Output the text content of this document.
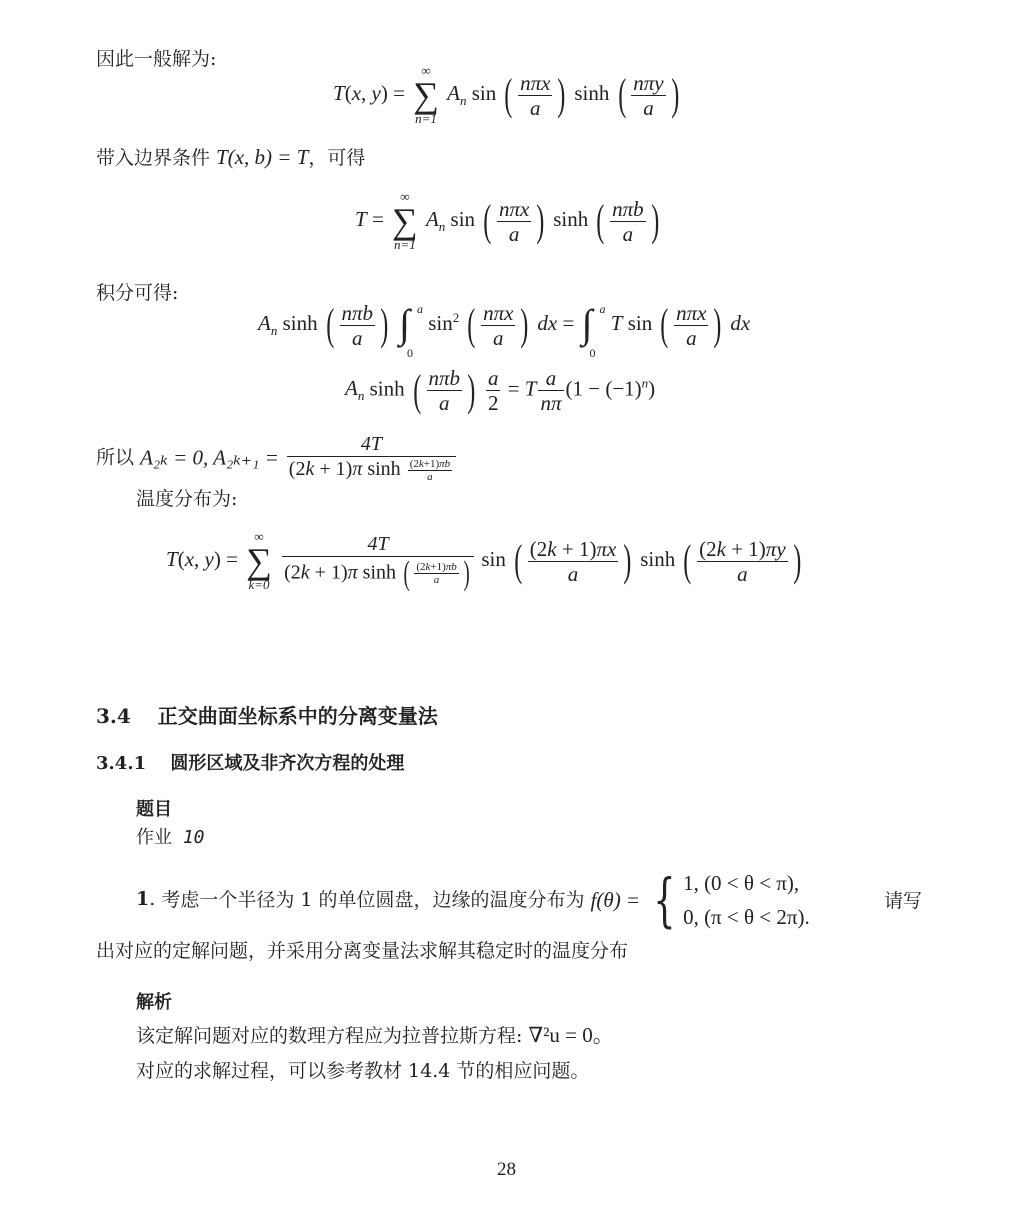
因此一般解为:
T(x, y) =
∞
∑
n=1
$A_n$ sin ( $\frac{\text{nπx}}{a}$ ) sinh ( $\frac{\text{nπy}}{a}$ )
带入边界条件 T(x, b) = T，可得
T =
∞
∑
n=1
$A_n$ sin ( $\frac{\text{nπx}}{a}$ ) sinh ( $\frac{\text{nπb}}{a}$ )
积分可得:
$A_n$ sinh ( $\frac{\text{nπb}}{a}$ ) ∫ a
0
$\sin^2$ ( $\frac{\text{nπx}}{a}$ ) dx = ∫ a
0
T sin ( $\frac{\text{nπx}}{a}$ ) dx
$A_n$ sinh ( $\frac{\text{nπb}}{a}$ ) $\frac{a}{2} = T \frac{a}{n\pi} (1 - (-1)^n)$
所以 A₂ₖ = 0, $A_{2k+1} = \frac{4T}{(2k + 1)\pi \sinh \frac{(2k+1)\pi b}{a}}$
温度分布为:
T(x, y) =
∞
∑
k=0
$\frac{4T}{(2k + 1)\pi \sinh ( \frac{(2k+1)\pi b}{a} )}$ sin ( $\frac{(2k + 1)\pi x}{a}$ ) sinh ( $\frac{(2k + 1)\pi y}{a}$ )
3.4 正交曲面坐标系中的分离变量法
3.4.1 圆形区域及非齐次方程的处理
题目
作业 10
1. 考虑一个半径为 1 的单位圆盘，边缘的温度分布为 f(θ) = { 1, (0 < θ < π),
0, (π < θ < 2π).
请写
出对应的定解问题，并采用分离变量法求解其稳定时的温度分布
解析
该定解问题对应的数理方程应为拉普拉斯方程: ∇²u = 0。
对应的求解过程，可以参考教材 14.4 节的相应问题。
28
